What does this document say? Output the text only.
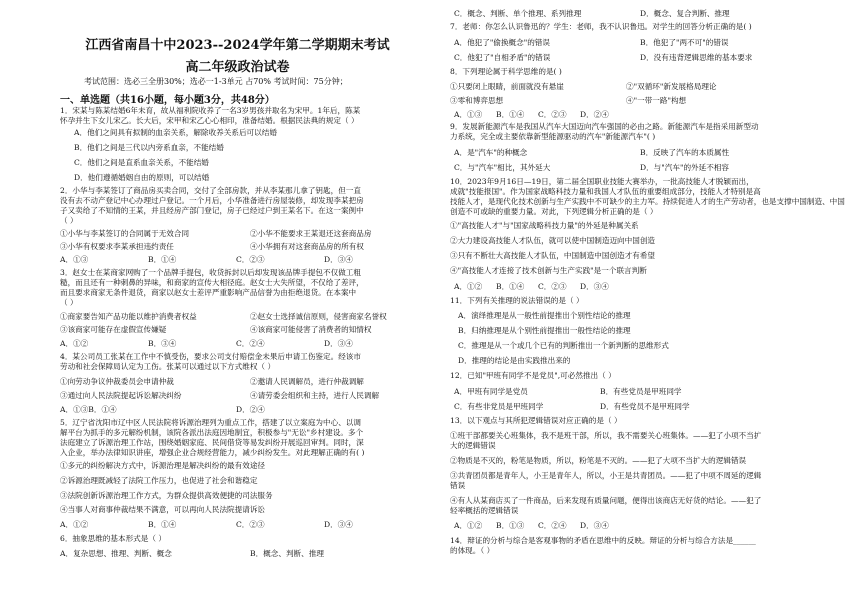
江西省南昌十中2023--2024学年第二学期期末考试
高二年级政治试卷
考试范围：选必三全册30%；选必一1-3单元 占70% 考试时间：75分钟；
一、单选题（共16小题，每小题3分，共48分）
1．宋某与陈某结婚6年未育，故从福利院收养了一名3岁男孩并取名为宋甲。1年后，陈某
怀孕并生下女儿宋乙。长大后，宋甲和宋乙心心相印，准备结婚。根据民法典的规定（ ）
A．他们之间具有拟制的血亲关系，解除收养关系后可以结婚
B．他们之间是三代以内旁系血亲，不能结婚
C．他们之间是直系血亲关系，不能结婚
D．他们遵循婚姻自由的原则，可以结婚
2．小华与李某签订了商品房买卖合同，交付了全部房款，并从李某那儿拿了钥匙，但一直
没有去不动产登记中心办理过户登记。一个月后，小华准备进行房屋装修，却发现李某把房
子又卖给了不知情的王某，并且经房产部门登记，房子已经过户到王某名下。在这一案例中
（ ）
①小华与李某签订的合同属于无效合同	②小华不能要求王某退还这套商品房
③小华有权要求李某承担违约责任	④小华拥有对这套商品房的所有权
A．①③	B．①④	C．②③	D．③④
3．赵女士在某商家网购了一个品牌手提包，收货拆封以后却发现该品牌手提包不仅做工粗
糙，而且还有一种刺鼻的异味，和商家的宣传大相径庭。赵女士大失所望，不仅给了差评，
而且要求商家无条件退货，商家以赵女士差评严重影响产品信誉为由拒绝退货。在本案中
（ ）
①商家要告知产品功能以维护消费者权益	②赵女士选择诚信原则，侵害商家名誉权
③该商家可能存在虚假宣传嫌疑	④该商家可能侵害了消费者的知情权
A．①②	B．③④	C．②④	D．③④
4．某公司员工张某在工作中不慎受伤，要求公司支付赔偿金未果后申请工伤鉴定。经该市
劳动和社会保障局认定为工伤。张某可以通过以下方式维权（ ）
①向劳动争议仲裁委员会申请仲裁	②邀请人民调解员，进行仲裁调解
③通过向人民法院提起诉讼解决纠纷	④请劳委会组织和主持，进行人民调解
A．①③B．①④	D．②④
5．辽宁省沈阳市辽中区人民法院将诉源治理列为重点工作，搭建了以立案庭为中心、以调
解平台为抓手的多元解纷机制，该院各派出法庭因地制宜，积极参与"无讼"乡村建设。多个
法庭建立了诉源治理工作站，围绕婚姻家庭、民间借贷等易发纠纷开展巡回审判。同时，深
入企业，举办法律知识讲座，增强企业合规经营能力，减少纠纷发生。对此理解正确的有( )
①多元的纠纷解决方式中，诉源治理是解决纠纷的最有效途径
②诉源治理既减轻了法院工作压力，也促进了社会和谐稳定
③法院创新诉源治理工作方式，为群众提供高效便捷的司法服务
④当事人对商事仲裁结果不满意，可以再向人民法院提请诉讼
A．①②	B．①④	C．②③	D．③④
6．抽象思维的基本形式是（ ）
A．复杂思想、推理、判断、概念	B．概念、判断、推理
C．概念、判断、单个推理、系列推理	D．概念、复合判断、推理
7．老师：你怎么认识鲁迅的？学生：老师，我不认识鲁迅。对学生的回答分析正确的是( )
A．他犯了"偷换概念"的错误	B．他犯了"两不可"的错误
C．他犯了"自相矛盾"的错误	D．没有违背逻辑思维的基本要求
8．下列理论属于科学思维的是( )
①只要闭上眼睛，前面就没有悬崖	②"双循环"新发展格局理论
③零和博弈思想	④"一带一路"构想
A．①③ B．①④ C．②③ D．②④
9．发展新能源汽车是我国从汽车大国迈向汽车强国的必由之路。新能源汽车是指采用新型动
力系统，完全或主要依靠新型能源驱动的汽车"新能源汽车"( )
A．是"汽车"的种概念	B．反映了汽车的本质属性
C．与"汽车"相比，其外延大	D．与"汽车"的外延不相容
10．2023年9月16日—19日，第二届全国职业技能大赛举办，一批高技能人才脱颖而出，
成就"技能报国"。作为国家战略科技力量和我国人才队伍的重要组成部分，技能人才特别是高
技能人才，是现代化技术创新与生产实践中不可缺少的主力军。持续促进人才的生产劳动者，也是支撑中国制造、中国
创造不可或缺的重要力量。对此，下列逻辑分析正确的是（ ）
①"高技能人才"与"国家战略科技力量"的外延是种属关系
②大力建设高技能人才队伍，就可以使中国制造迈向中国创造
③只有不断壮大高技能人才队伍，中国制造中国创造才有希望
④"高技能人才连接了技术创新与生产实践"是一个联言判断
A．①② B．①④ C．②③ D．③④
11．下列有关推理的说法错误的是（ ）
A．演绎推理是从一般性前提推出个别性结论的推理
B．归纳推理是从个别性前提推出一般性结论的推理
C．推理是从一个或几个已有的判断推出一个新判断的思维形式
D．推理的结论是由实践推出来的
12．已知"甲班有同学不是党员",可必然推出（ ）
A．甲班有同学是党员	B．有些党员是甲班同学
C．有些非党员是甲班同学	D．有些党员不是甲班同学
13．以下观点与其所犯逻辑错误对应正确的是（ ）
①班干部都要关心班集体，我不是班干部，所以，我不需要关心班集体。——犯了小项不当扩
大的逻辑错误
②物质是不灭的，粉笔是物质，所以，粉笔是不灭的。——犯了大项不当扩大的逻辑错误
③共青团员都是青年人，小王是青年人，所以，小王是共青团员。——犯了中项不周延的逻辑
错误
④有人从某商店买了一件商品，后来发现有质量问题，便得出该商店无好货的结论。——犯了
轻率概括的逻辑错误
A．①② B．①③ C．②④ D．③④
14．辩证的分析与综合是客观事物的矛盾在思维中的反映。辩证的分析与综合方法是______
的体现。（ ）
